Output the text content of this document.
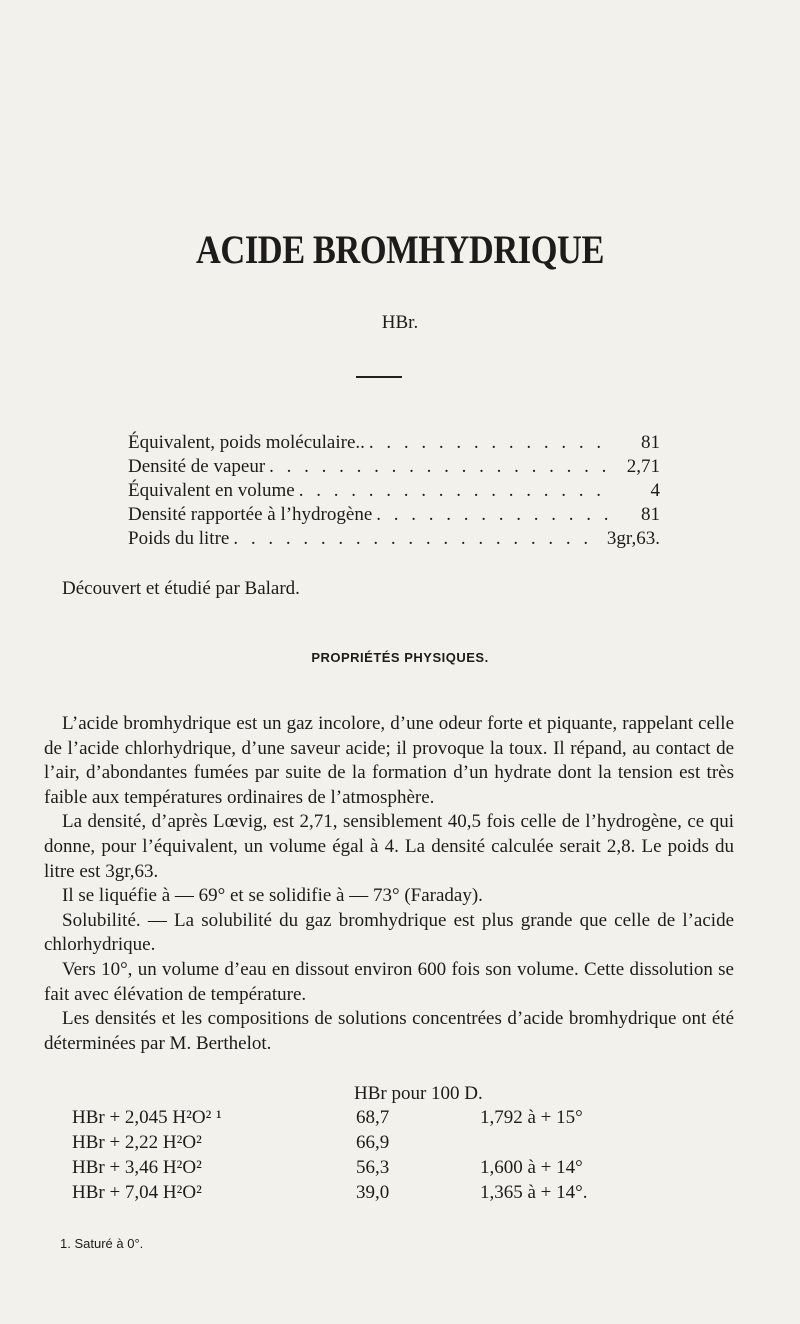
ACIDE BROMHYDRIQUE
HBr.
Équivalent, poids moléculaire.. . . .	81
Densité de vapeur . . .	2,71
Équivalent en volume . . .	4
Densité rapportée à l’hydrogène . . .	81
Poids du litre . . .	3gr,63.
Découvert et étudié par Balard.
PROPRIÉTÉS PHYSIQUES.

L’acide bromhydrique est un gaz incolore, d’une odeur forte et piquante, rappelant celle de l’acide chlorhydrique, d’une saveur acide; il provoque la toux. Il répand, au contact de l’air, d’abondantes fumées par suite de la formation d’un hydrate dont la tension est très faible aux températures ordinaires de l’atmosphère.

La densité, d’après Lœvig, est 2,71, sensiblement 40,5 fois celle de l’hydrogène, ce qui donne, pour l’équivalent, un volume égal à 4. La densité calculée serait 2,8. Le poids du litre est 3gr,63.

Il se liquéfie à — 69° et se solidifie à — 73° (Faraday).

Solubilité. — La solubilité du gaz bromhydrique est plus grande que celle de l’acide chlorhydrique.

Vers 10°, un volume d’eau en dissout environ 600 fois son volume. Cette dissolution se fait avec élévation de température.

Les densités et les compositions de solutions concentrées d’acide bromhydrique ont été déterminées par M. Berthelot.

HBr pour 100 D.
HBr + 2,045 H²O² ¹	68,7	1,792 à + 15°
HBr + 2,22 H²O²	66,9
HBr + 3,46 H²O²	56,3	1,600 à + 14°
HBr + 7,04 H²O²	39,0	1,365 à + 14°.
1. Saturé à 0°.
